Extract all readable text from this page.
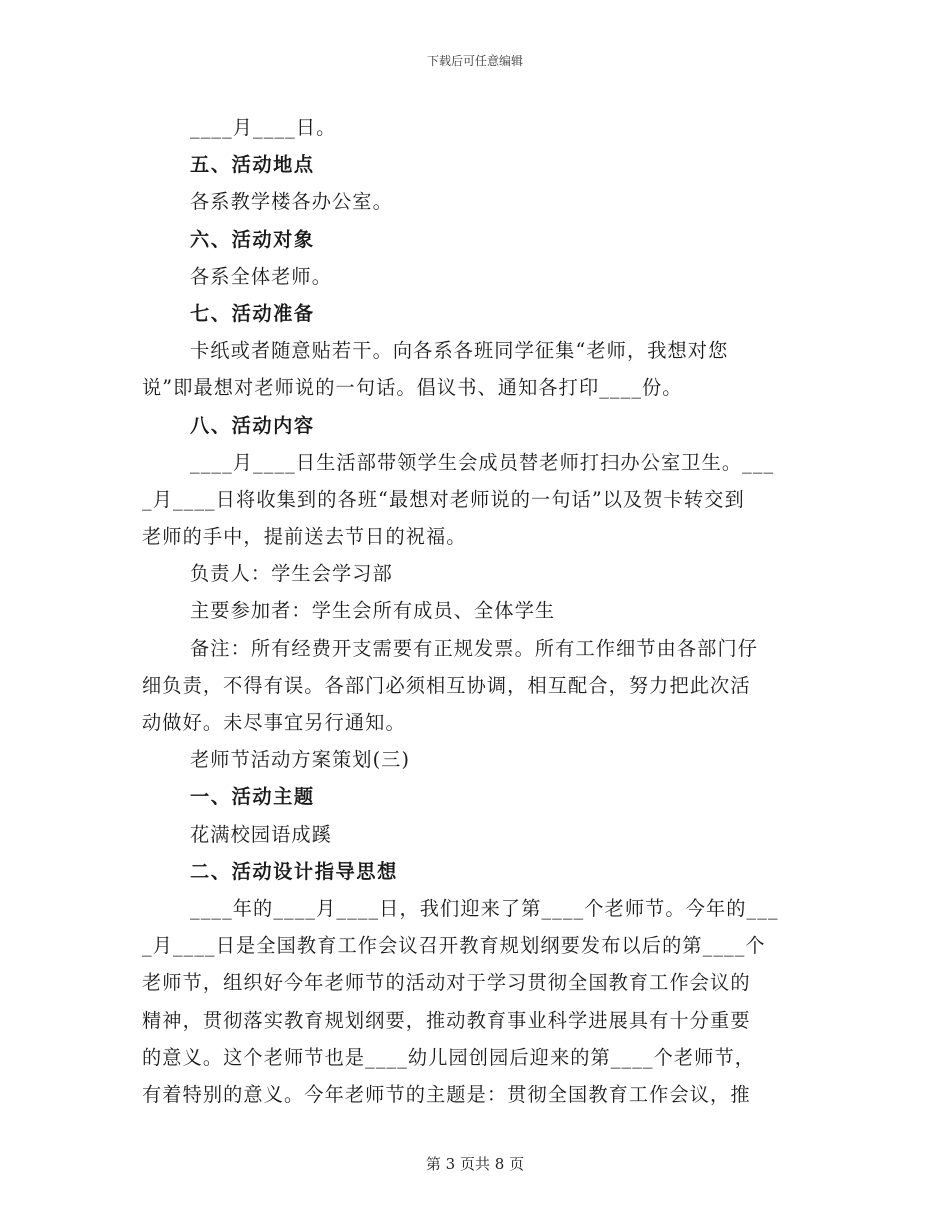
下载后可任意编辑
____月____日。
五、活动地点
各系教学楼各办公室。
六、活动对象
各系全体老师。
七、活动准备
卡纸或者随意贴若干。向各系各班同学征集“老师，我想对您
说”即最想对老师说的一句话。倡议书、通知各打印____份。
八、活动内容
____月____日生活部带领学生会成员替老师打扫办公室卫生。___
_月____日将收集到的各班“最想对老师说的一句话”以及贺卡转交到
老师的手中，提前送去节日的祝福。
负责人：学生会学习部
主要参加者：学生会所有成员、全体学生
备注：所有经费开支需要有正规发票。所有工作细节由各部门仔
细负责，不得有误。各部门必须相互协调，相互配合，努力把此次活
动做好。未尽事宜另行通知。
老师节活动方案策划(三)
一、活动主题
花满校园语成蹊
二、活动设计指导思想
____年的____月____日，我们迎来了第____个老师节。今年的___
_月____日是全国教育工作会议召开教育规划纲要发布以后的第____个
老师节，组织好今年老师节的活动对于学习贯彻全国教育工作会议的
精神，贯彻落实教育规划纲要，推动教育事业科学进展具有十分重要
的意义。这个老师节也是____幼儿园创园后迎来的第____个老师节，
有着特别的意义。今年老师节的主题是：贯彻全国教育工作会议，推
第 3 页共 8 页
